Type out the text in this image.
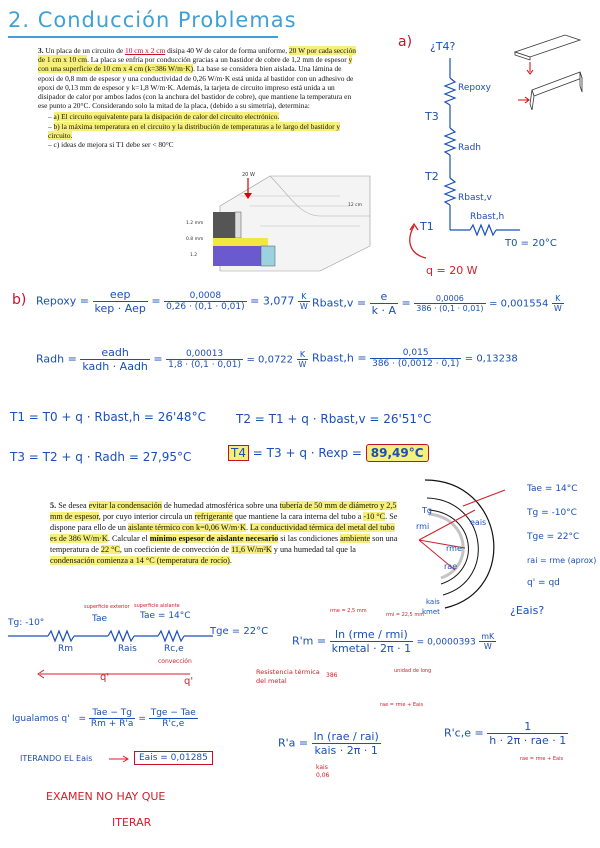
2. Conducción Problemas
3. Un placa de un circuito de 10 cm x 2 cm disipa 40 W de calor de forma uniforme, 20 W por cada sección de 1 cm x 10 cm. La placa se enfría por conducción gracias a un bastidor de cobre de 1,2 mm de espesor y con una superficie de 10 cm x 4 cm (k=386 W/m·K). La base se considera bien aislada. Una lámina de epoxi de 0,8 mm de espesor y una conductividad de 0,26 W/m·K está unida al bastidor con un adhesivo de epoxi de 0,13 mm de espesor y k=1,8 W/m·K. Además, la tarjeta de circuito impreso está unida a un disipador de calor por ambos lados (con la anchura del bastidor de cobre), que mantiene la temperatura en ese punto a 20°C. Considerando solo la mitad de la placa, (debido a su simetría), determina:
– a) El circuito equivalente para la disipación de calor del circuito electrónico.
– b) la máxima temperatura en el circuito y la distribución de temperaturas a le largo del bastidor y circuito.
– c) ideas de mejora si T1 debe ser < 80°C
20 W
1.2 mm
12 cm
0.8 mm
1.2
a) ¿T4?
T3
T2
T1
Repoxy
Radh
Rbast,v
Rbast,h
T0 = 20°C
q = 20 W
b) Repoxy = $\frac{\text{eep}}{\text{kep · Aep}} = \frac{0,0008}{0,26 \cdot (0,1 \cdot 0,01)} = 3,077 \frac{K}{W}$ Rbast,v = $\frac{e}{k \cdot A} = \frac{0,0006}{386 \cdot (0,1 \cdot 0,01)} = 0,001554 \frac{K}{W}$
Radh = $\frac{\text{eadh}}{\text{kadh · Aadh}} = \frac{0,00013}{1,8 \cdot (0,1 \cdot 0,01)} = 0,0722 \frac{K}{W}$ Rbast,h = $\frac{0,015}{386 \cdot (0,0012 \cdot 0,1)} = 0,13238$
T1 = T0 + q · Rbast,h = 26'48°C	T2 = T1 + q · Rbast,v = 26'51°C
T3 = T2 + q · Radh = 27,95°C	T4 = T3 + q · Rexp = 89,49°C
5. Se desea evitar la condensación de humedad atmosférica sobre una tubería de 50 mm de diámetro y 2,5 mm de espesor, por cuyo interior circula un refrigerante que mantiene la cara interna del tubo a -10 °C. Se dispone para ello de un aislante térmico con k=0,06 W/m·K. La conductividad térmica del metal del tubo es de 386 W/m·K. Calcular el mínimo espesor de aislante necesario si las condiciones ambiente son una temperatura de 22 °C, un coeficiente de convección de 11,6 W/m²K y una humedad tal que la condensación comienza a 14 °C (temperatura de rocío).
Tg
rmi
rme
rae
eais
kais
kmet
Tae = 14°C
Tg = -10°C
Tge = 22°C
rai = rme (aprox)
q' = qd
¿Eais?
Tg: -10°	Tae	Tae = 14°C
superficie exterior superficie aislante
Tge = 22°C
Rm	Rais	Rc,e
convección
q'	q'
rme = 2,5 mm
rmi = 22,5 mm
$R'm = \frac{\text{ln (rme / rmi)}}{\text{kmetal · 2π · 1}} = 0,0000393 \frac{mK}{W}$
Resistencia térmica del metal
386
unidad de long
Igualamos $q' = \frac{\text{Tae − Tg}}{Rm + R'a} = \frac{\text{Tge − Tae}}{R'c,e}$
ITERANDO EL Eais	Eais = 0,01285
EXAMEN NO HAY QUE
ITERAR
$R'a = \frac{\text{ln (rae / rai)}}{\text{kais · 2π · 1}}$
rae = rme + Eais
kais
0,06
$R'c,e = \frac{1}{\text{h · 2π · rae · 1}}$
rae = rme + Eais
